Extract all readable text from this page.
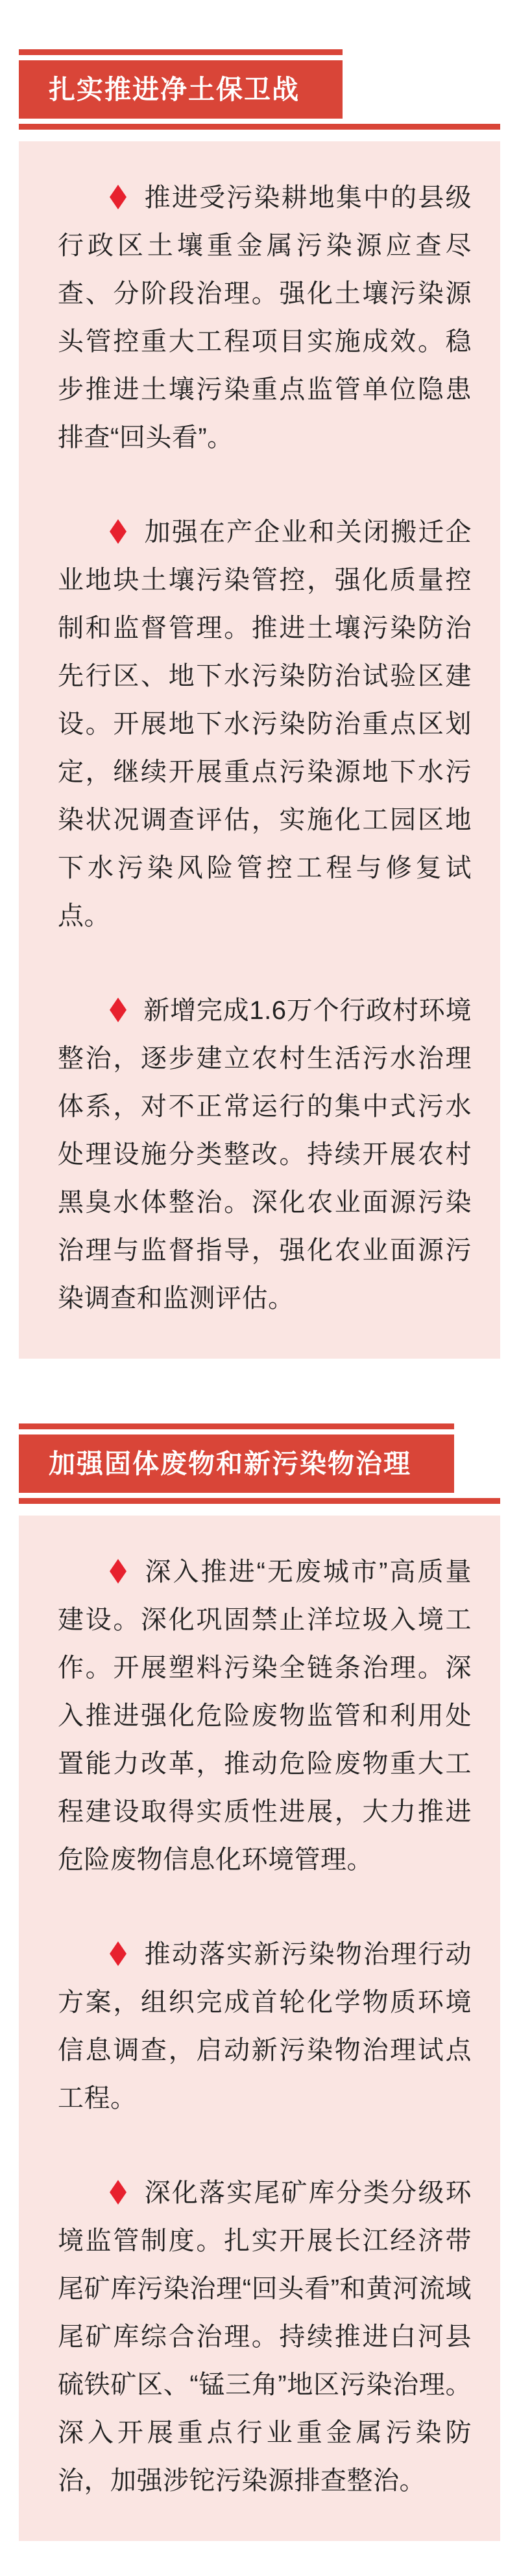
扎实推进净土保卫战

推进受污染耕地集中的县级行政区土壤重金属污染源应查尽查、分阶段治理。强化土壤污染源头管控重大工程项目实施成效。稳步推进土壤污染重点监管单位隐患排查“回头看”。

加强在产企业和关闭搬迁企业地块土壤污染管控，强化质量控制和监督管理。推进土壤污染防治先行区、地下水污染防治试验区建设。开展地下水污染防治重点区划定，继续开展重点污染源地下水污染状况调查评估，实施化工园区地下水污染风险管控工程与修复试点。

新增完成1.6万个行政村环境整治，逐步建立农村生活污水治理体系，对不正常运行的集中式污水处理设施分类整改。持续开展农村黑臭水体整治。深化农业面源污染治理与监督指导，强化农业面源污染调查和监测评估。

加强固体废物和新污染物治理

深入推进“无废城市”高质量建设。深化巩固禁止洋垃圾入境工作。开展塑料污染全链条治理。深入推进强化危险废物监管和利用处置能力改革，推动危险废物重大工程建设取得实质性进展，大力推进危险废物信息化环境管理。

推动落实新污染物治理行动方案，组织完成首轮化学物质环境信息调查，启动新污染物治理试点工程。

深化落实尾矿库分类分级环境监管制度。扎实开展长江经济带尾矿库污染治理“回头看”和黄河流域尾矿库综合治理。持续推进白河县硫铁矿区、“锰三角”地区污染治理。深入开展重点行业重金属污染防治，加强涉铊污染源排查整治。
